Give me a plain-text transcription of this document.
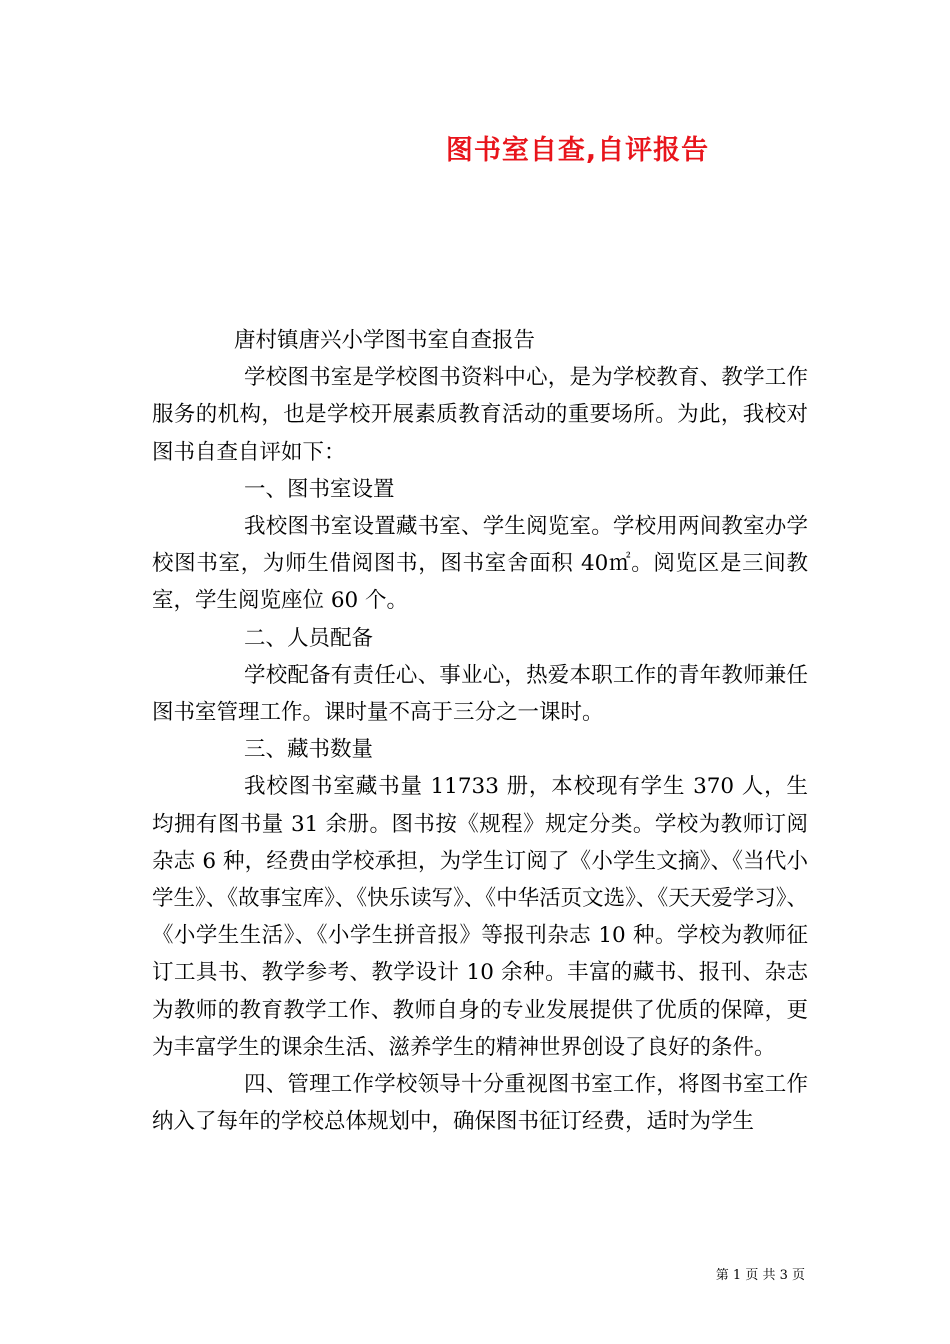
图书室自查,自评报告

唐村镇唐兴小学图书室自查报告

学校图书室是学校图书资料中心，是为学校教育、教学工作服务的机构，也是学校开展素质教育活动的重要场所。为此，我校对图书自查自评如下：

一、图书室设置

我校图书室设置藏书室、学生阅览室。学校用两间教室办学校图书室，为师生借阅图书，图书室舍面积 40㎡。阅览区是三间教室，学生阅览座位 60 个。

二、人员配备

学校配备有责任心、事业心，热爱本职工作的青年教师兼任图书室管理工作。课时量不高于三分之一课时。

三、藏书数量

我校图书室藏书量 11733 册，本校现有学生 370 人，生均拥有图书量 31 余册。图书按《规程》规定分类。学校为教师订阅杂志 6 种，经费由学校承担，为学生订阅了《小学生文摘》、《当代小学生》、《故事宝库》、《快乐读写》、《中华活页文选》、《天天爱学习》、《小学生生活》、《小学生拼音报》等报刊杂志 10 种。学校为教师征订工具书、教学参考、教学设计 10 余种。丰富的藏书、报刊、杂志为教师的教育教学工作、教师自身的专业发展提供了优质的保障，更为丰富学生的课余生活、滋养学生的精神世界创设了良好的条件。

四、管理工作学校领导十分重视图书室工作，将图书室工作纳入了每年的学校总体规划中，确保图书征订经费，适时为学生

第 1 页 共 3 页
